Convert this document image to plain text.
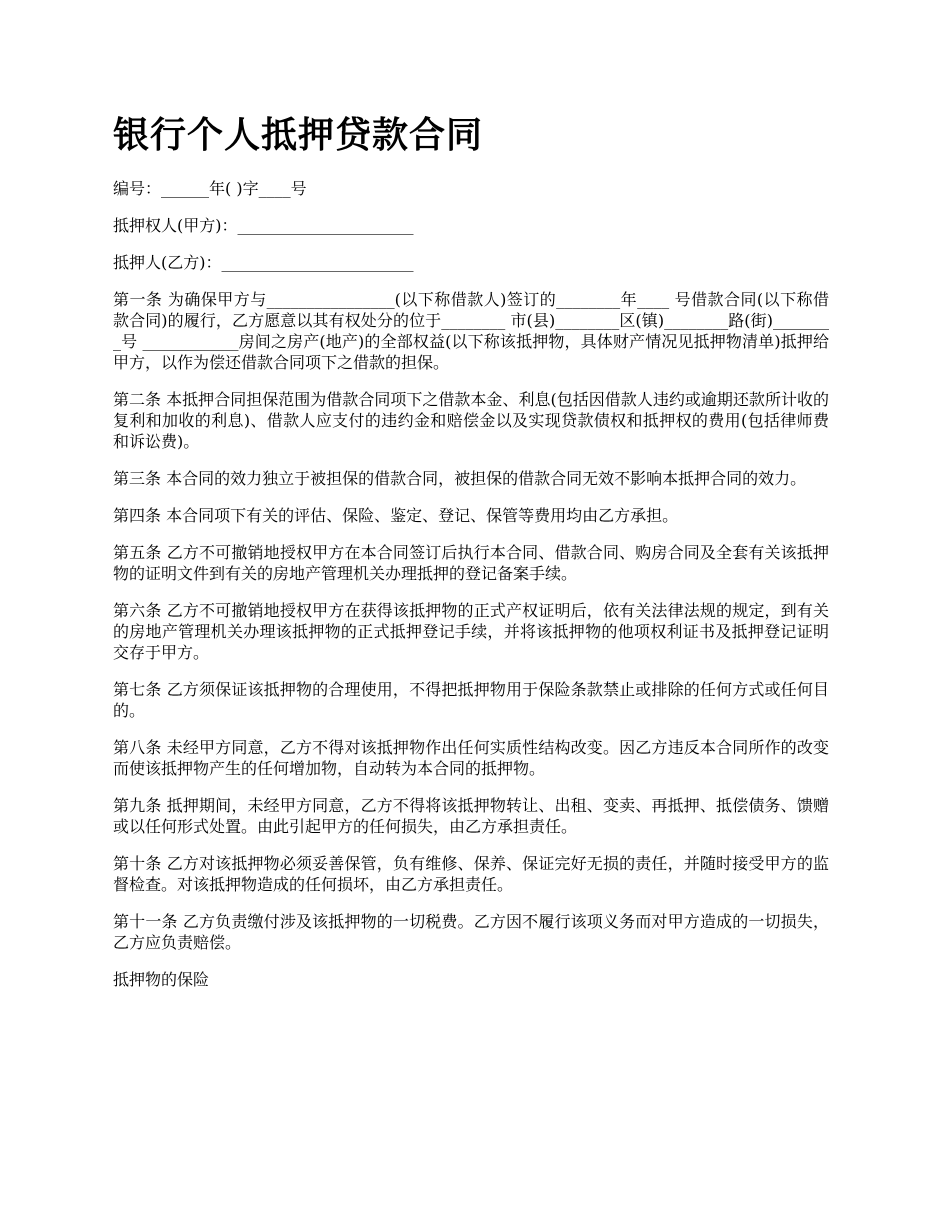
银行个人抵押贷款合同

编号：______年( )字____号

抵押权人(甲方)：______________________

抵押人(乙方)：________________________

第一条 为确保甲方与________________(以下称借款人)签订的________年____ 号借款合同(以下称借款合同)的履行，乙方愿意以其有权处分的位于________ 市(县)________区(镇)________路(街)________号 ____________房间之房产(地产)的全部权益(以下称该抵押物，具体财产情况见抵押物清单)抵押给甲方，以作为偿还借款合同项下之借款的担保。

第二条 本抵押合同担保范围为借款合同项下之借款本金、利息(包括因借款人违约或逾期还款所计收的复利和加收的利息)、借款人应支付的违约金和赔偿金以及实现贷款债权和抵押权的费用(包括律师费和诉讼费)。

第三条 本合同的效力独立于被担保的借款合同，被担保的借款合同无效不影响本抵押合同的效力。

第四条 本合同项下有关的评估、保险、鉴定、登记、保管等费用均由乙方承担。

第五条 乙方不可撤销地授权甲方在本合同签订后执行本合同、借款合同、购房合同及全套有关该抵押物的证明文件到有关的房地产管理机关办理抵押的登记备案手续。

第六条 乙方不可撤销地授权甲方在获得该抵押物的正式产权证明后，依有关法律法规的规定，到有关的房地产管理机关办理该抵押物的正式抵押登记手续，并将该抵押物的他项权利证书及抵押登记证明交存于甲方。

第七条 乙方须保证该抵押物的合理使用，不得把抵押物用于保险条款禁止或排除的任何方式或任何目的。

第八条 未经甲方同意，乙方不得对该抵押物作出任何实质性结构改变。因乙方违反本合同所作的改变而使该抵押物产生的任何增加物，自动转为本合同的抵押物。

第九条 抵押期间，未经甲方同意，乙方不得将该抵押物转让、出租、变卖、再抵押、抵偿债务、馈赠或以任何形式处置。由此引起甲方的任何损失，由乙方承担责任。

第十条 乙方对该抵押物必须妥善保管，负有维修、保养、保证完好无损的责任，并随时接受甲方的监督检查。对该抵押物造成的任何损坏，由乙方承担责任。

第十一条 乙方负责缴付涉及该抵押物的一切税费。乙方因不履行该项义务而对甲方造成的一切损失，乙方应负责赔偿。

抵押物的保险
